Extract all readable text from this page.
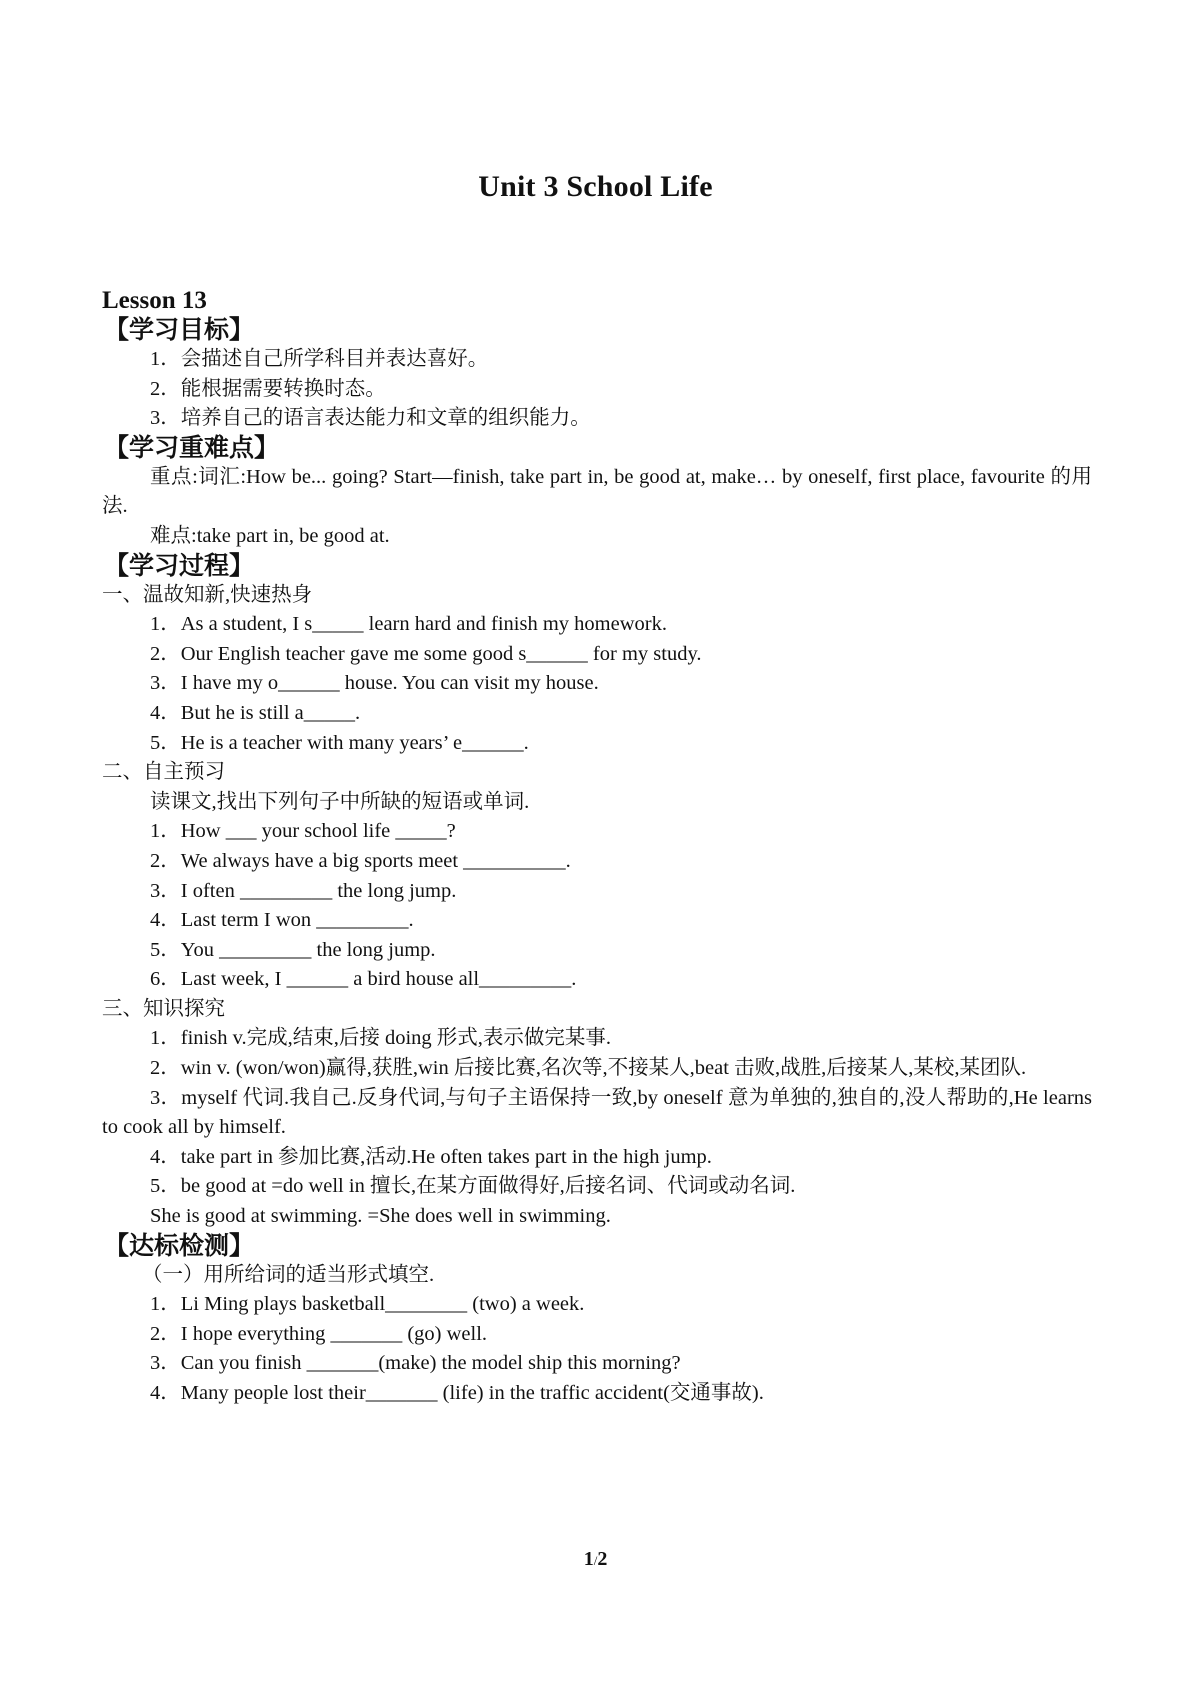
Unit 3 School Life
Lesson 13
【学习目标】
1．会描述自己所学科目并表达喜好。
2．能根据需要转换时态。
3．培养自己的语言表达能力和文章的组织能力。
【学习重难点】
重点:词汇:How be... going? Start—finish, take part in, be good at, make… by oneself, first place, favourite 的用法.
难点:take part in, be good at.
【学习过程】
一、温故知新,快速热身
1．As a student, I s_____ learn hard and finish my homework.
2．Our English teacher gave me some good s______ for my study.
3．I have my o______ house. You can visit my house.
4．But he is still a_____.
5．He is a teacher with many years’ e______.
二、自主预习
读课文,找出下列句子中所缺的短语或单词.
1．How ___ your school life _____?
2．We always have a big sports meet __________.
3．I often _________ the long jump.
4．Last term I won _________.
5．You _________ the long jump.
6．Last week, I ______ a bird house all_________.
三、知识探究
1．finish v.完成,结束,后接 doing 形式,表示做完某事.
2．win v. (won/won)赢得,获胜,win 后接比赛,名次等,不接某人,beat 击败,战胜,后接某人,某校,某团队.
3．myself 代词.我自己.反身代词,与句子主语保持一致,by oneself 意为单独的,独自的,没人帮助的,He learns to cook all by himself.
4．take part in 参加比赛,活动.He often takes part in the high jump.
5．be good at =do well in 擅长,在某方面做得好,后接名词、代词或动名词.
She is good at swimming. =She does well in swimming.
【达标检测】
（一）用所给词的适当形式填空.
1．Li Ming plays basketball________ (two) a week.
2．I hope everything _______ (go) well.
3．Can you finish _______(make) the model ship this morning?
4．Many people lost their_______ (life) in the traffic accident(交通事故).
1/2
